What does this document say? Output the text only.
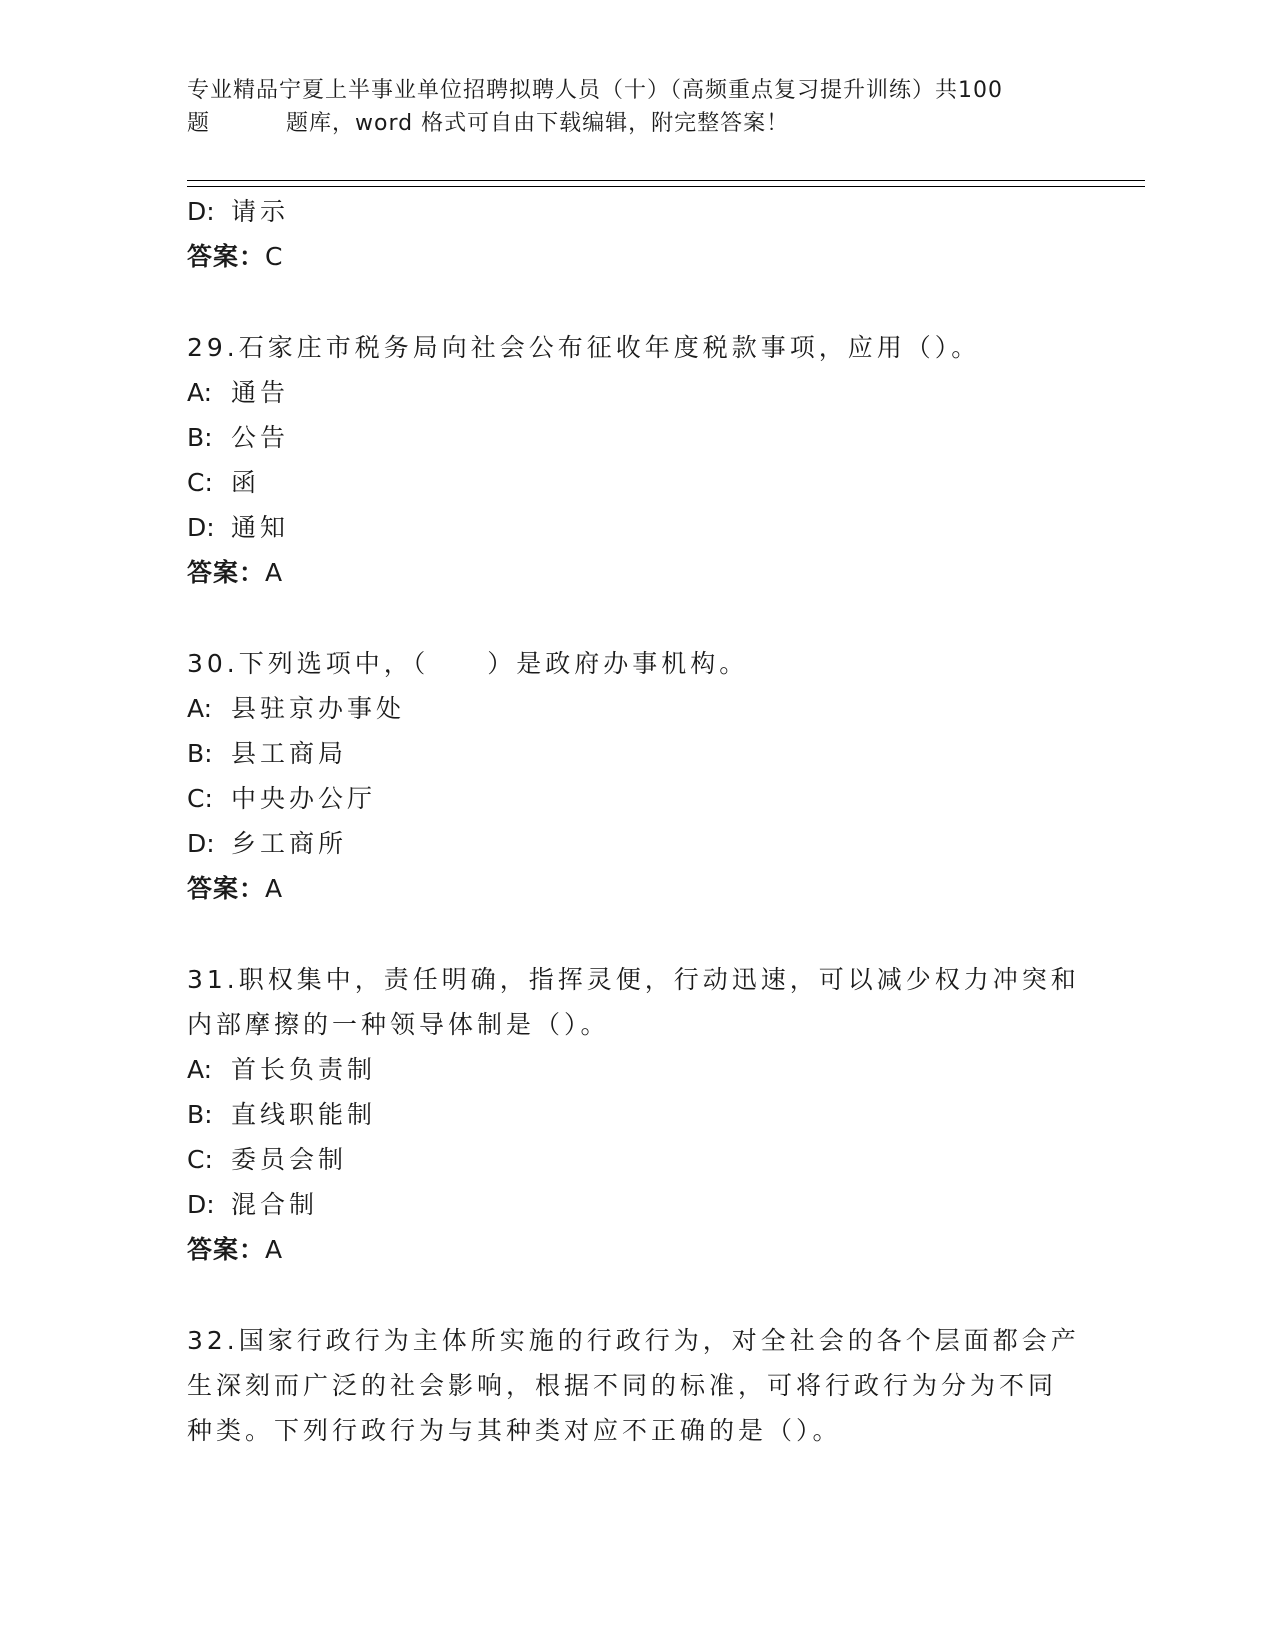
专业精品宁夏上半事业单位招聘拟聘人员（十）（高频重点复习提升训练）共100
题	题库，word 格式可自由下载编辑，附完整答案！
D: 请示
答案：C
29.石家庄市税务局向社会公布征收年度税款事项，应用（）。
A: 通告
B: 公告
C: 函
D: 通知
答案：A
30.下列选项中，（　　）是政府办事机构。
A: 县驻京办事处
B: 县工商局
C: 中央办公厅
D: 乡工商所
答案：A
31.职权集中，责任明确，指挥灵便，行动迅速，可以减少权力冲突和
内部摩擦的一种领导体制是（）。
A: 首长负责制
B: 直线职能制
C: 委员会制
D: 混合制
答案：A
32.国家行政行为主体所实施的行政行为，对全社会的各个层面都会产
生深刻而广泛的社会影响，根据不同的标准，可将行政行为分为不同
种类。下列行政行为与其种类对应不正确的是（）。
